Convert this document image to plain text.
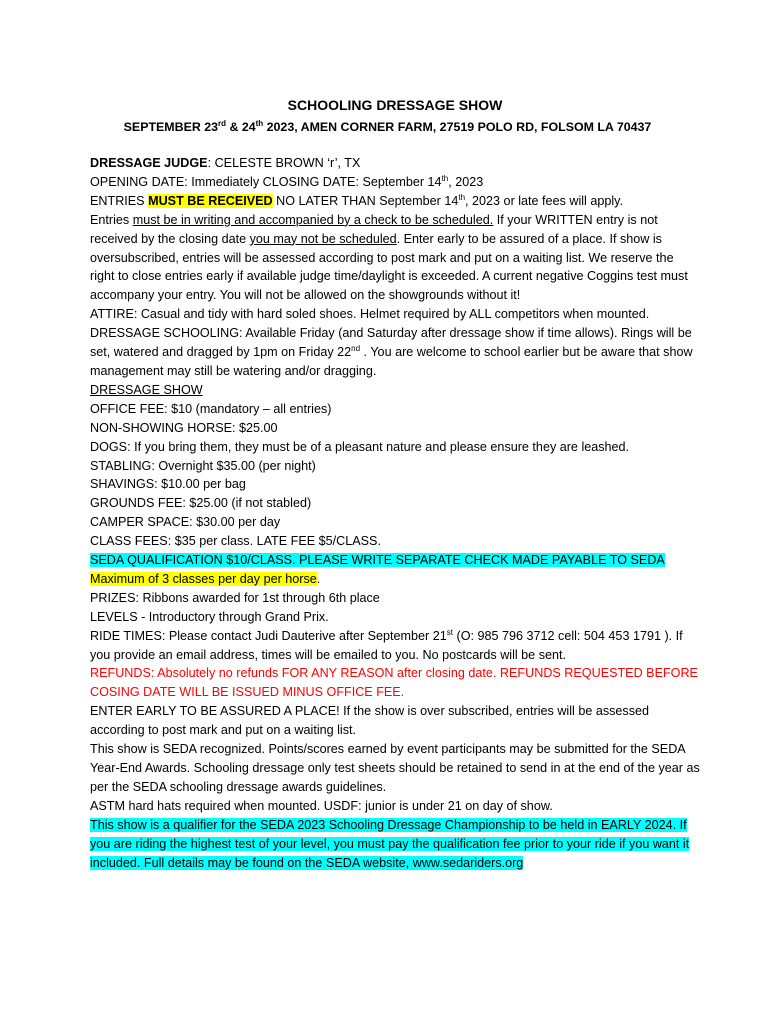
SCHOOLING DRESSAGE SHOW
SEPTEMBER 23rd & 24th 2023, AMEN CORNER FARM, 27519 POLO RD, FOLSOM LA 70437

DRESSAGE JUDGE: CELESTE BROWN ‘r’, TX

OPENING DATE: Immediately CLOSING DATE: September 14th, 2023

ENTRIES MUST BE RECEIVED NO LATER THAN September 14th, 2023 or late fees will apply.
Entries must be in writing and accompanied by a check to be scheduled. If your WRITTEN entry is not received by the closing date you may not be scheduled. Enter early to be assured of a place. If show is oversubscribed, entries will be assessed according to post mark and put on a waiting list. We reserve the right to close entries early if available judge time/daylight is exceeded. A current negative Coggins test must accompany your entry. You will not be allowed on the showgrounds without it!

ATTIRE: Casual and tidy with hard soled shoes. Helmet required by ALL competitors when mounted.

DRESSAGE SCHOOLING: Available Friday (and Saturday after dressage show if time allows). Rings will be set, watered and dragged by 1pm on Friday 22nd . You are welcome to school earlier but be aware that show management may still be watering and/or dragging.

DRESSAGE SHOW

OFFICE FEE: $10 (mandatory – all entries)

NON-SHOWING HORSE: $25.00

DOGS: If you bring them, they must be of a pleasant nature and please ensure they are leashed.

STABLING: Overnight $35.00 (per night)

SHAVINGS: $10.00 per bag

GROUNDS FEE: $25.00 (if not stabled)

CAMPER SPACE: $30.00 per day

CLASS FEES: $35 per class. LATE FEE $5/CLASS.

SEDA QUALIFICATION $10/CLASS. PLEASE WRITE SEPARATE CHECK MADE PAYABLE TO SEDA

Maximum of 3 classes per day per horse.

PRIZES: Ribbons awarded for 1st through 6th place

LEVELS - Introductory through Grand Prix.

RIDE TIMES: Please contact Judi Dauterive after September 21st (O: 985 796 3712 cell: 504 453 1791 ). If you provide an email address, times will be emailed to you. No postcards will be sent.

REFUNDS: Absolutely no refunds FOR ANY REASON after closing date. REFUNDS REQUESTED BEFORE COSING DATE WILL BE ISSUED MINUS OFFICE FEE.

ENTER EARLY TO BE ASSURED A PLACE! If the show is over subscribed, entries will be assessed according to post mark and put on a waiting list.

This show is SEDA recognized. Points/scores earned by event participants may be submitted for the SEDA Year-End Awards. Schooling dressage only test sheets should be retained to send in at the end of the year as per the SEDA schooling dressage awards guidelines.

ASTM hard hats required when mounted. USDF: junior is under 21 on day of show.

This show is a qualifier for the SEDA 2023 Schooling Dressage Championship to be held in EARLY 2024. If you are riding the highest test of your level, you must pay the qualification fee prior to your ride if you want it included. Full details may be found on the SEDA website, www.sedariders.org
